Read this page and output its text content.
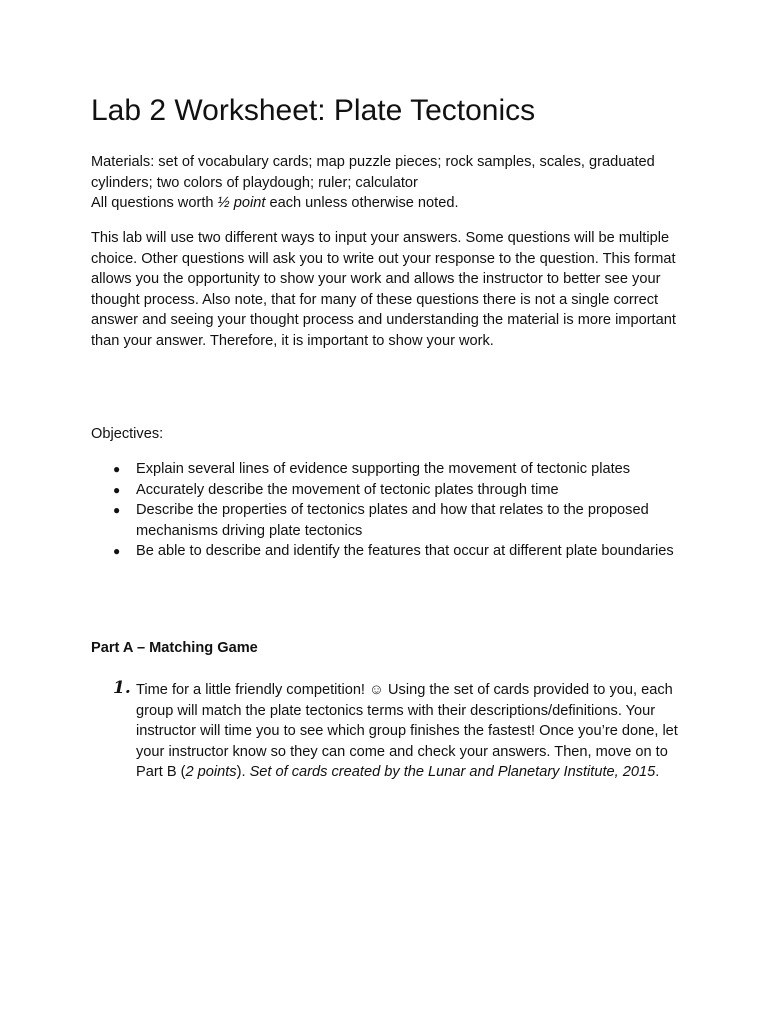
Lab 2 Worksheet: Plate Tectonics

Materials: set of vocabulary cards; map puzzle pieces; rock samples, scales, graduated cylinders; two colors of playdough; ruler; calculator

All questions worth ½ point each unless otherwise noted.

This lab will use two different ways to input your answers. Some questions will be multiple choice. Other questions will ask you to write out your response to the question. This format allows you the opportunity to show your work and allows the instructor to better see your thought process. Also note, that for many of these questions there is not a single correct answer and seeing your thought process and understanding the material is more important than your answer. Therefore, it is important to show your work.

Objectives:

● Explain several lines of evidence supporting the movement of tectonic plates
● Accurately describe the movement of tectonic plates through time
● Describe the properties of tectonics plates and how that relates to the proposed mechanisms driving plate tectonics
● Be able to describe and identify the features that occur at different plate boundaries
Part A – Matching Game
1. Time for a little friendly competition! ☺ Using the set of cards provided to you, each group will match the plate tectonics terms with their descriptions/definitions. Your instructor will time you to see which group finishes the fastest! Once you’re done, let your instructor know so they can come and check your answers. Then, move on to Part B (2 points). Set of cards created by the Lunar and Planetary Institute, 2015.
